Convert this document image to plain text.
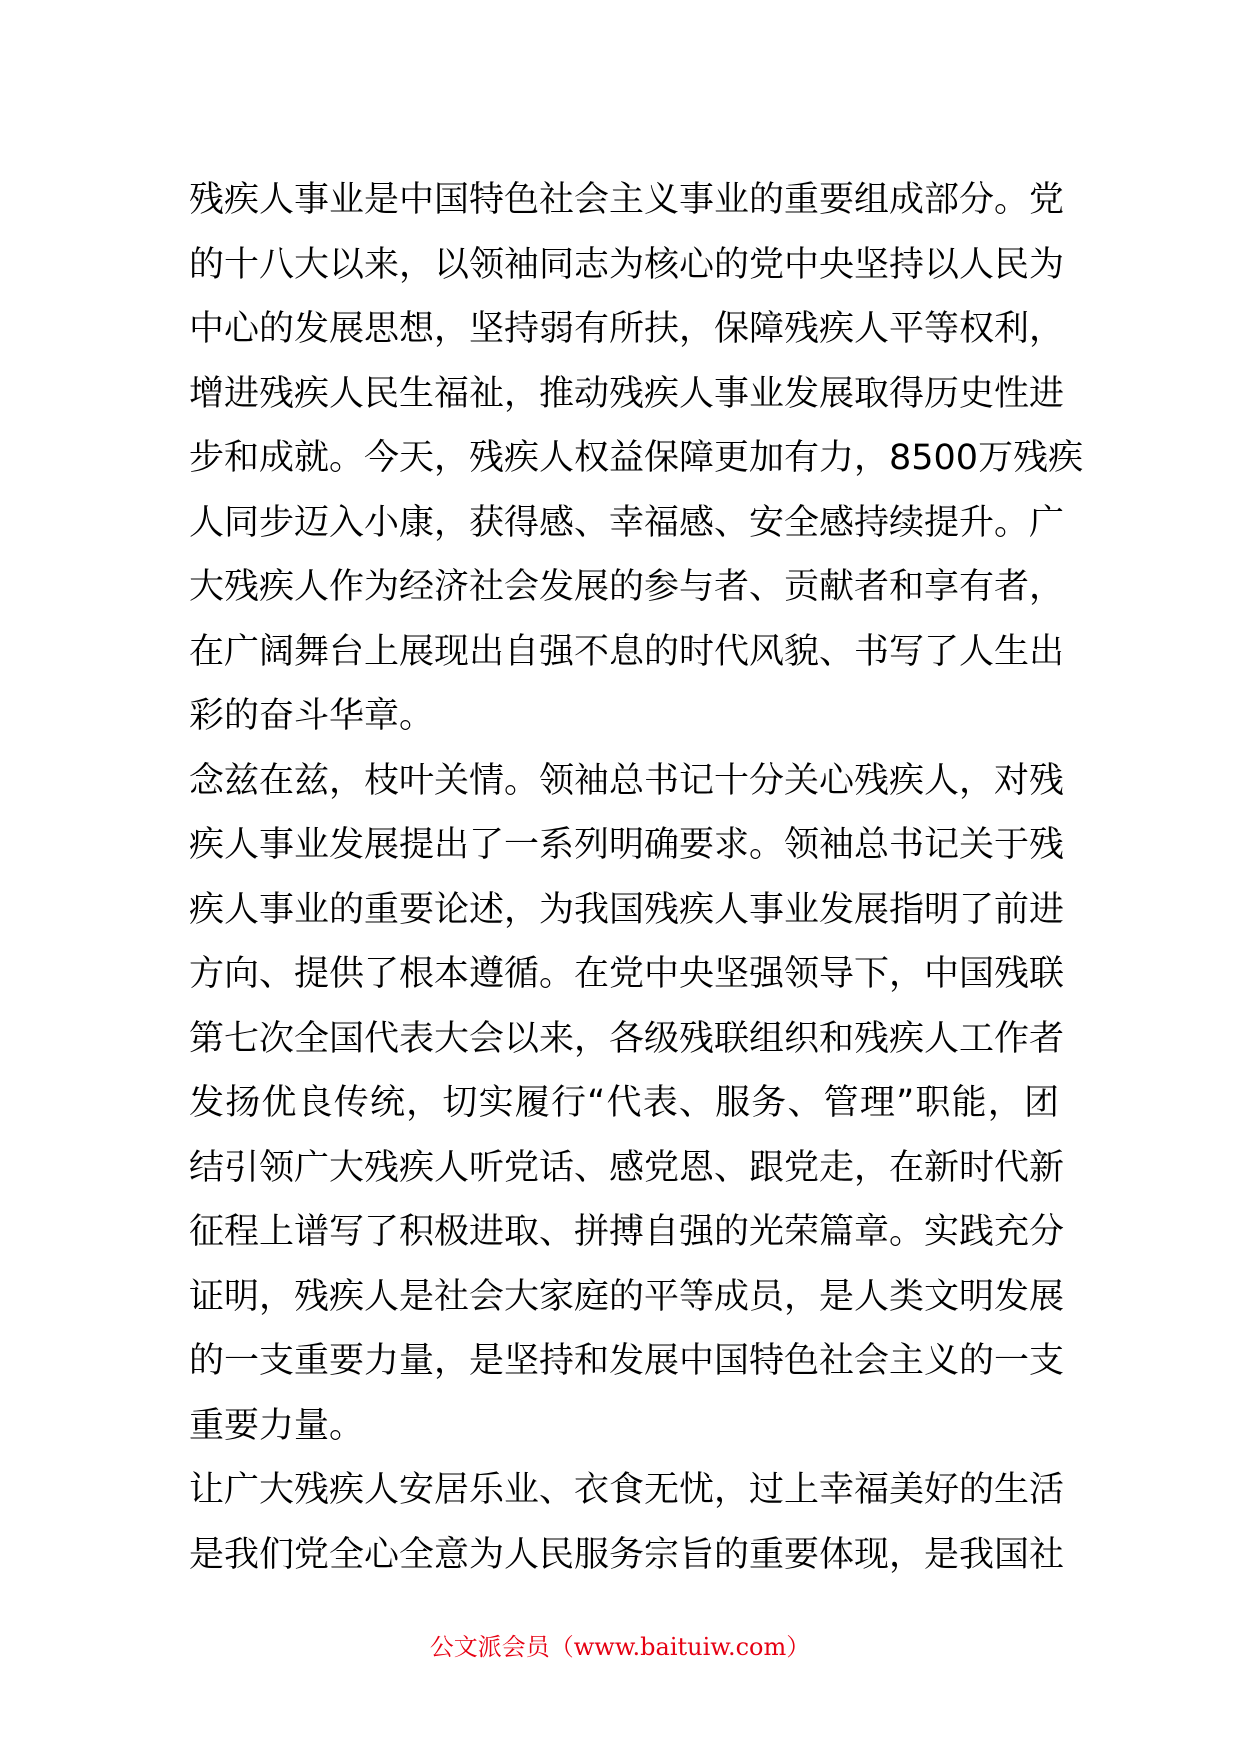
残疾人事业是中国特色社会主义事业的重要组成部分。党
的十八大以来，以领袖同志为核心的党中央坚持以人民为
中心的发展思想，坚持弱有所扶，保障残疾人平等权利，
增进残疾人民生福祉，推动残疾人事业发展取得历史性进
步和成就。今天，残疾人权益保障更加有力，8500万残疾
人同步迈入小康，获得感、幸福感、安全感持续提升。广
大残疾人作为经济社会发展的参与者、贡献者和享有者，
在广阔舞台上展现出自强不息的时代风貌、书写了人生出
彩的奋斗华章。
念兹在兹，枝叶关情。领袖总书记十分关心残疾人，对残
疾人事业发展提出了一系列明确要求。领袖总书记关于残
疾人事业的重要论述，为我国残疾人事业发展指明了前进
方向、提供了根本遵循。在党中央坚强领导下，中国残联
第七次全国代表大会以来，各级残联组织和残疾人工作者
发扬优良传统，切实履行“代表、服务、管理”职能，团
结引领广大残疾人听党话、感党恩、跟党走，在新时代新
征程上谱写了积极进取、拼搏自强的光荣篇章。实践充分
证明，残疾人是社会大家庭的平等成员，是人类文明发展
的一支重要力量，是坚持和发展中国特色社会主义的一支
重要力量。
让广大残疾人安居乐业、衣食无忧，过上幸福美好的生活
是我们党全心全意为人民服务宗旨的重要体现，是我国社
公文派会员（www.baituiw.com）
